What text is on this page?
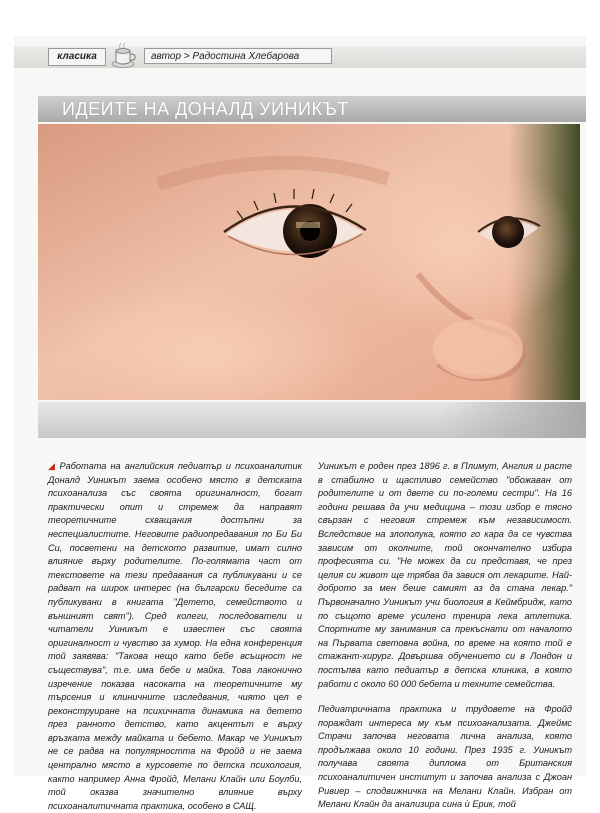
класика	автор > Радостина Хлебарова
ИДЕИТЕ НА ДОНАЛД УИНИКЪТ

◢ Работата на английския педиатър и психоаналитик Доналд Уиникът заема особено място в детската психоанализа със своята оригиналност, богат практически опит и стремеж да направят теоретичните схващания достъпни за неспециалистите. Неговите радиопредавания по Би Би Си, посветени на детското развитие, имат силно влияние върху родителите. По-голямата част от текстовете на тези предавания са публикувани и се радват на широк интерес (на български беседите са публикувани в книгата "Детето, семейството и външният свят"). Сред колеги, последователи и читатели Уиникът е известен със своята оригиналност и чувство за хумор. На една конференция той заявява: "Такова нещо като бебе всъщност не съществува", т.е. има бебе и майка. Това лаконично изречение показва насоката на теоретичните му търсения и клиничните изследвания, чиято цел е реконструиране на психичната динамика на детето през ранното детство, като акцентът е върху връзката между майката и бебето. Макар че Уиникът не се радва на популярността на Фройд и не заема централно място в курсовете по детска психология, както например Анна Фройд, Мелани Клайн или Боулби, той оказва значително влияние върху психоаналитичната практика, особено в САЩ.

Уиникът е роден през 1896 г. в Плимут, Англия и расте в стабилно и щастливо семейство "обожаван от родителите и от двете си по-големи сестри". На 16 години решава да учи медицина – този избор е тясно свързан с неговия стремеж към независимост. Вследствие на злополука, която го кара да се чувства зависим от околните, той окончателно избира професията си. "Не можех да си представя, че през целия си живот ще трябва да завися от лекарите. Най-доброто за мен беше самият аз да стана лекар." Първоначално Уиникът учи биология в Кеймбридж, като по същото време усилено тренира лека атлетика. Спортните му занимания са прекъснати от началото на Първата световна война, по време на която той е стажант-хирург. Довършва обучението си в Лондон и постъпва като педиатър в детска клиника, в която работи с около 60 000 бебета и техните семейства.

Педиатричната практика и трудовете на Фройд пораждат интереса му към психоанализата. Джеймс Страчи започва неговата лична анализа, която продължава около 10 години. През 1935 г. Уиникът получава своята диплома от Британския психоаналитичен институт и започва анализа с Джоан Ривиер – сподвижничка на Мелани Клайн. Избран от Мелани Клайн да анализира сина ѝ Ерик, той
